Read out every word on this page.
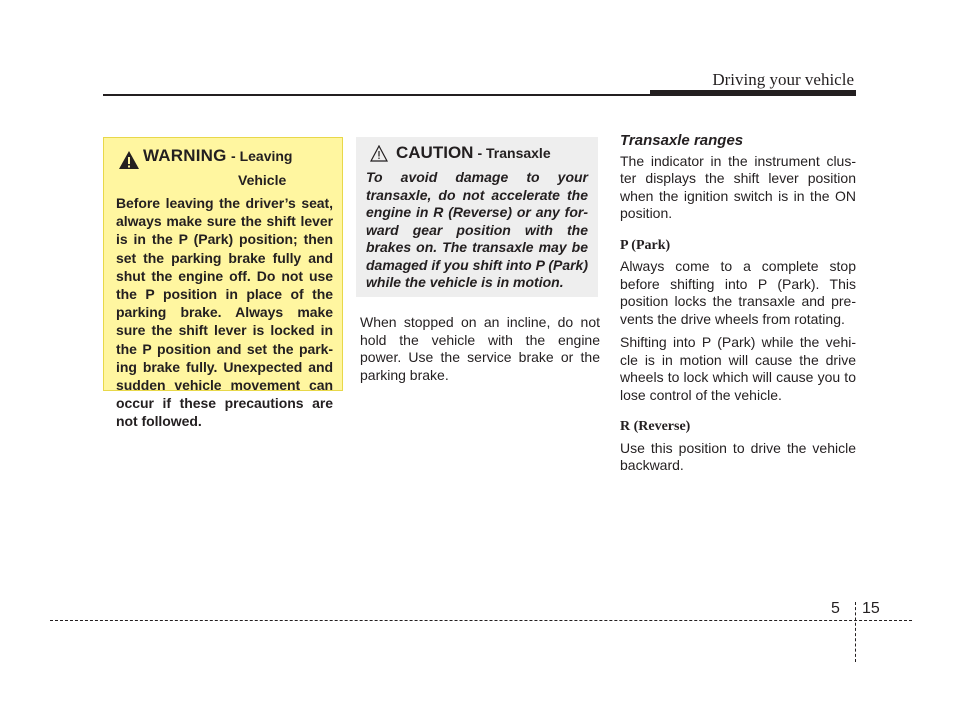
Driving your vehicle
WARNING - Leaving
Vehicle
Before leaving the driver’s seat, always make sure the shift lever is in the P (Park) position; then set the parking brake fully and shut the engine off. Do not use the P position in place of the parking brake. Always make sure the shift lever is locked in the P position and set the park- ing brake fully. Unexpected and sudden vehicle movement can occur if these precautions are not followed.
CAUTION - Transaxle
To avoid damage to your transaxle, do not accelerate the engine in R (Reverse) or any for- ward gear position with the brakes on. The transaxle may be damaged if you shift into P (Park) while the vehicle is in motion.
When stopped on an incline, do not hold the vehicle with the engine power. Use the service brake or the parking brake.
Transaxle ranges

The indicator in the instrument clus- ter displays the shift lever position when the ignition switch is in the ON position.

P (Park)

Always come to a complete stop before shifting into P (Park). This position locks the transaxle and pre- vents the drive wheels from rotating.

Shifting into P (Park) while the vehi- cle is in motion will cause the drive wheels to lock which will cause you to lose control of the vehicle.

R (Reverse)

Use this position to drive the vehicle backward.

5 15
